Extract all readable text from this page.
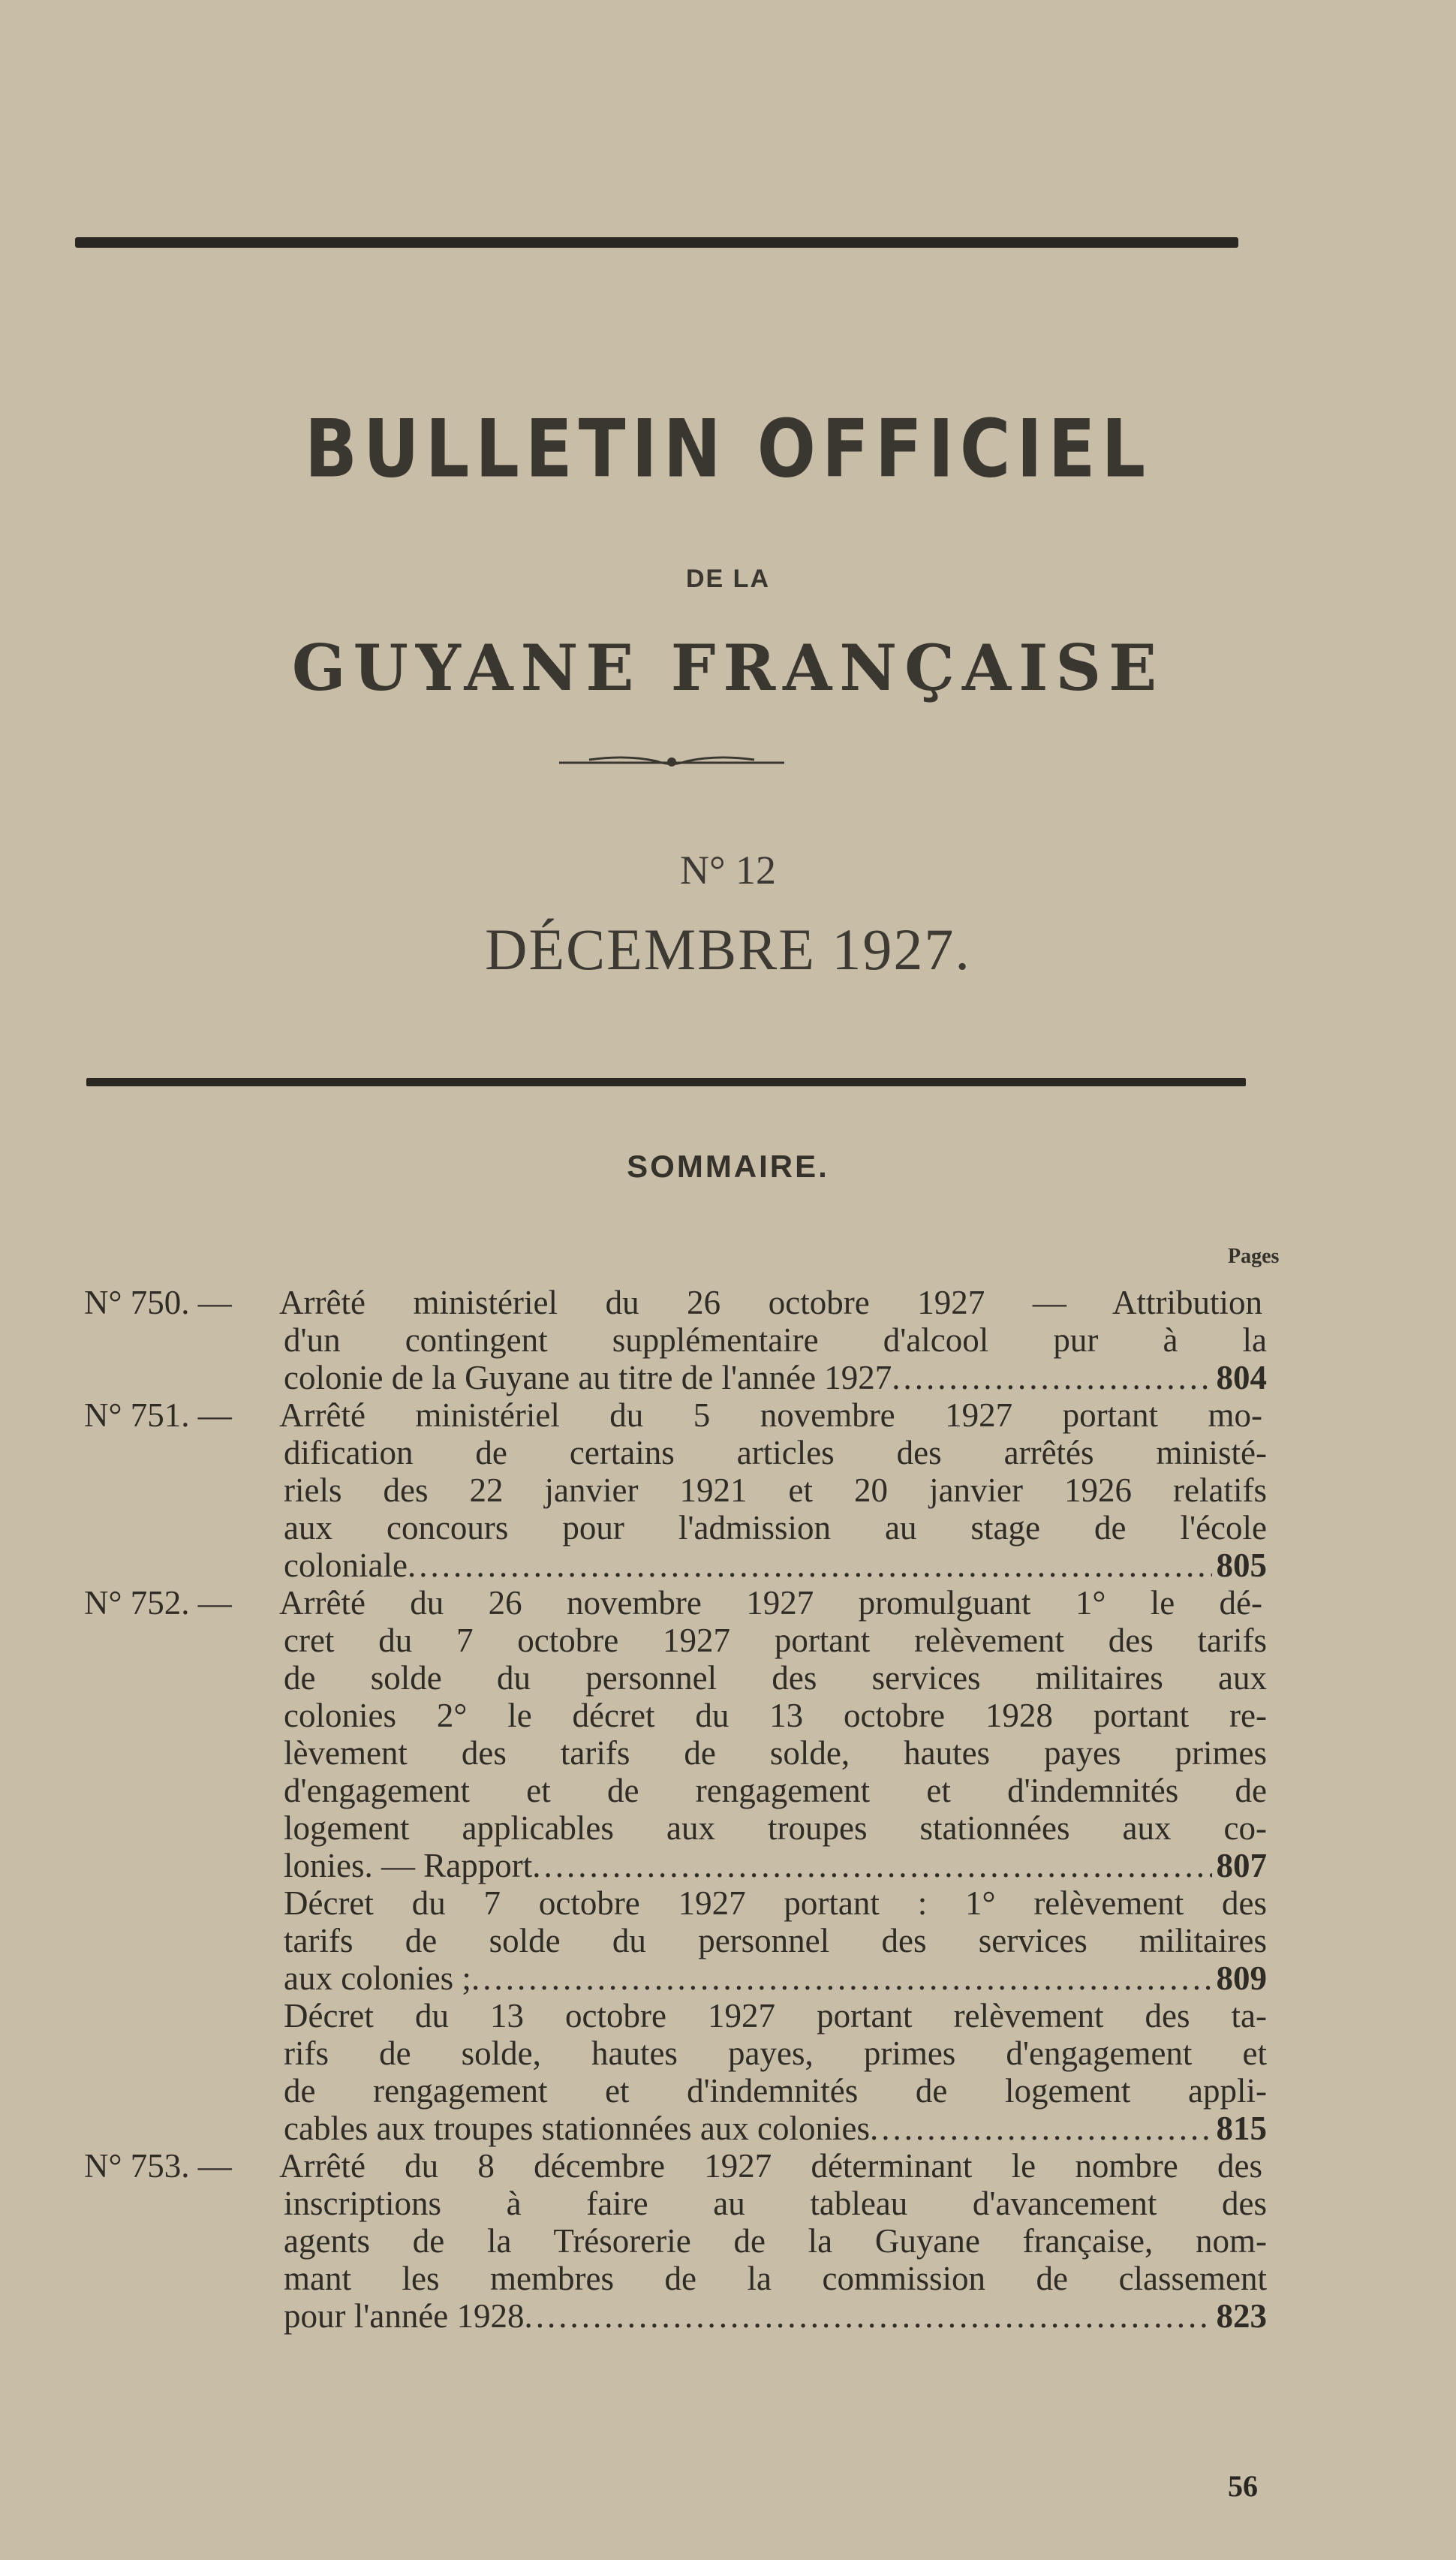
BULLETIN OFFICIEL
DE LA
GUYANE FRANÇAISE
N° 12
DÉCEMBRE 1927.
SOMMAIRE.
Pages
N° 750. —	Arrêté ministériel du 26 octobre 1927 — Attribution
d'un contingent supplémentaire d'alcool pur à la
colonie de la Guyane au titre de l'année 1927 .....	804
N° 751. —	Arrêté ministériel du 5 novembre 1927 portant mo-
dification de certains articles des arrêtés ministé-
riels des 22 janvier 1921 et 20 janvier 1926 relatifs
aux concours pour l'admission au stage de l'école
coloniale .....	805
N° 752. —	Arrêté du 26 novembre 1927 promulguant 1° le dé-
cret du 7 octobre 1927 portant relèvement des tarifs
de solde du personnel des services militaires aux
colonies 2° le décret du 13 octobre 1928 portant re-
lèvement des tarifs de solde, hautes payes primes
d'engagement et de rengagement et d'indemnités de
logement applicables aux troupes stationnées aux co-
lonies. — Rapport .....	807
Décret du 7 octobre 1927 portant : 1° relèvement des
tarifs de solde du personnel des services militaires
aux colonies ; .....	809
Décret du 13 octobre 1927 portant relèvement des ta-
rifs de solde, hautes payes, primes d'engagement et
de rengagement et d'indemnités de logement appli-
cables aux troupes stationnées aux colonies .....	815
N° 753. —	Arrêté du 8 décembre 1927 déterminant le nombre des
inscriptions à faire au tableau d'avancement des
agents de la Trésorerie de la Guyane française, nom-
mant les membres de la commission de classement
pour l'année 1928 .....	823
56
